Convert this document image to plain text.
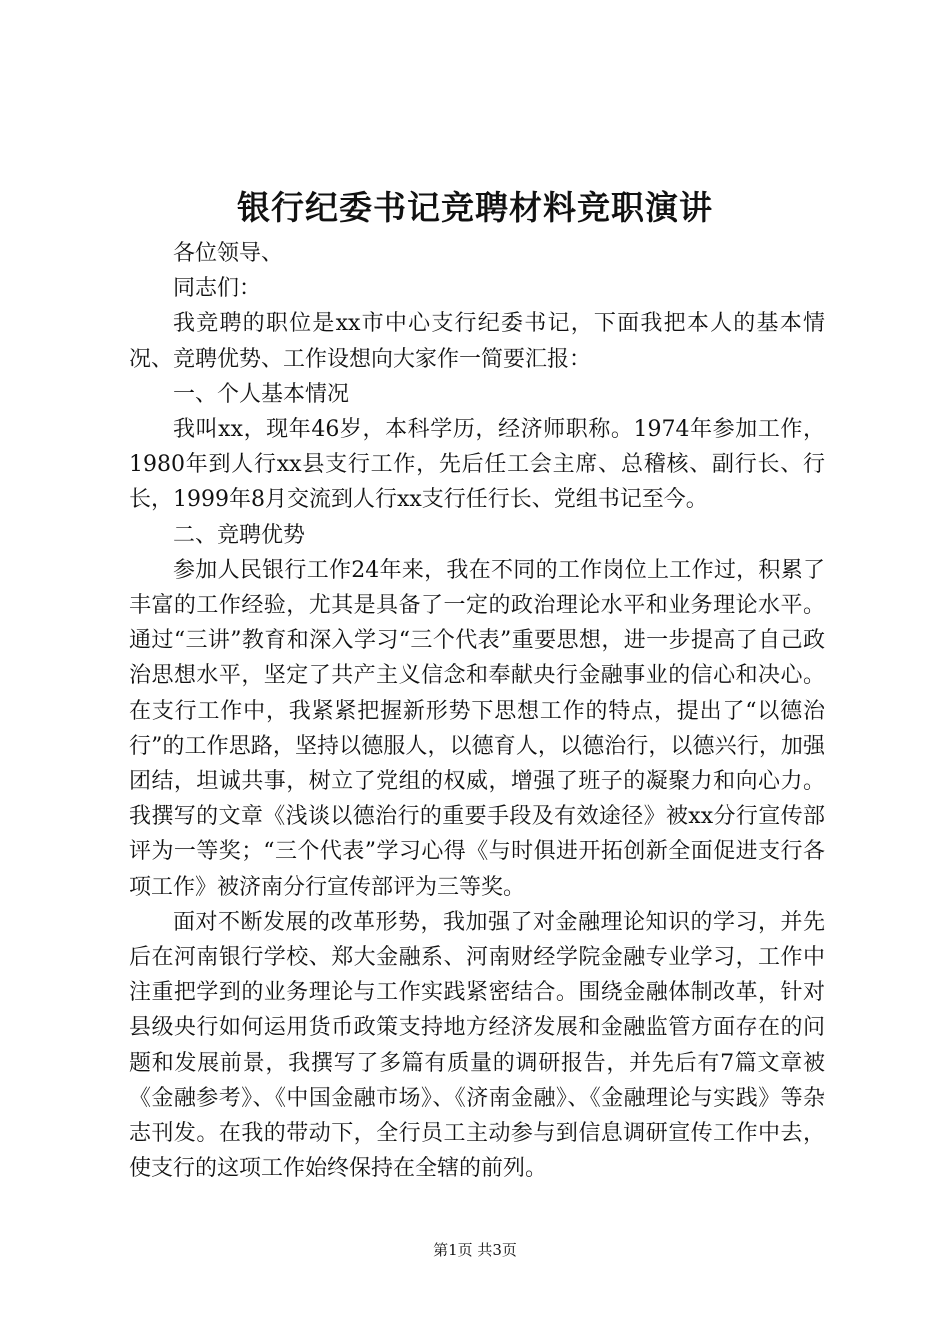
银行纪委书记竞聘材料竞职演讲

各位领导、

同志们：

我竞聘的职位是xx市中心支行纪委书记，下面我把本人的基本情况、竞聘优势、工作设想向大家作一简要汇报：

一、个人基本情况

我叫xx，现年46岁，本科学历，经济师职称。1974年参加工作，1980年到人行xx县支行工作，先后任工会主席、总稽核、副行长、行长，1999年8月交流到人行xx支行任行长、党组书记至今。

二、竞聘优势

参加人民银行工作24年来，我在不同的工作岗位上工作过，积累了丰富的工作经验，尤其是具备了一定的政治理论水平和业务理论水平。通过“三讲”教育和深入学习“三个代表”重要思想，进一步提高了自己政治思想水平，坚定了共产主义信念和奉献央行金融事业的信心和决心。在支行工作中，我紧紧把握新形势下思想工作的特点，提出了“以德治行”的工作思路，坚持以德服人，以德育人，以德治行，以德兴行，加强团结，坦诚共事，树立了党组的权威，增强了班子的凝聚力和向心力。我撰写的文章《浅谈以德治行的重要手段及有效途径》被xx分行宣传部评为一等奖；“三个代表”学习心得《与时俱进开拓创新全面促进支行各项工作》被济南分行宣传部评为三等奖。

面对不断发展的改革形势，我加强了对金融理论知识的学习，并先后在河南银行学校、郑大金融系、河南财经学院金融专业学习，工作中注重把学到的业务理论与工作实践紧密结合。围绕金融体制改革，针对县级央行如何运用货币政策支持地方经济发展和金融监管方面存在的问题和发展前景，我撰写了多篇有质量的调研报告，并先后有7篇文章被《金融参考》、《中国金融市场》、《济南金融》、《金融理论与实践》等杂志刊发。在我的带动下，全行员工主动参与到信息调研宣传工作中去，使支行的这项工作始终保持在全辖的前列。

第1页 共3页
